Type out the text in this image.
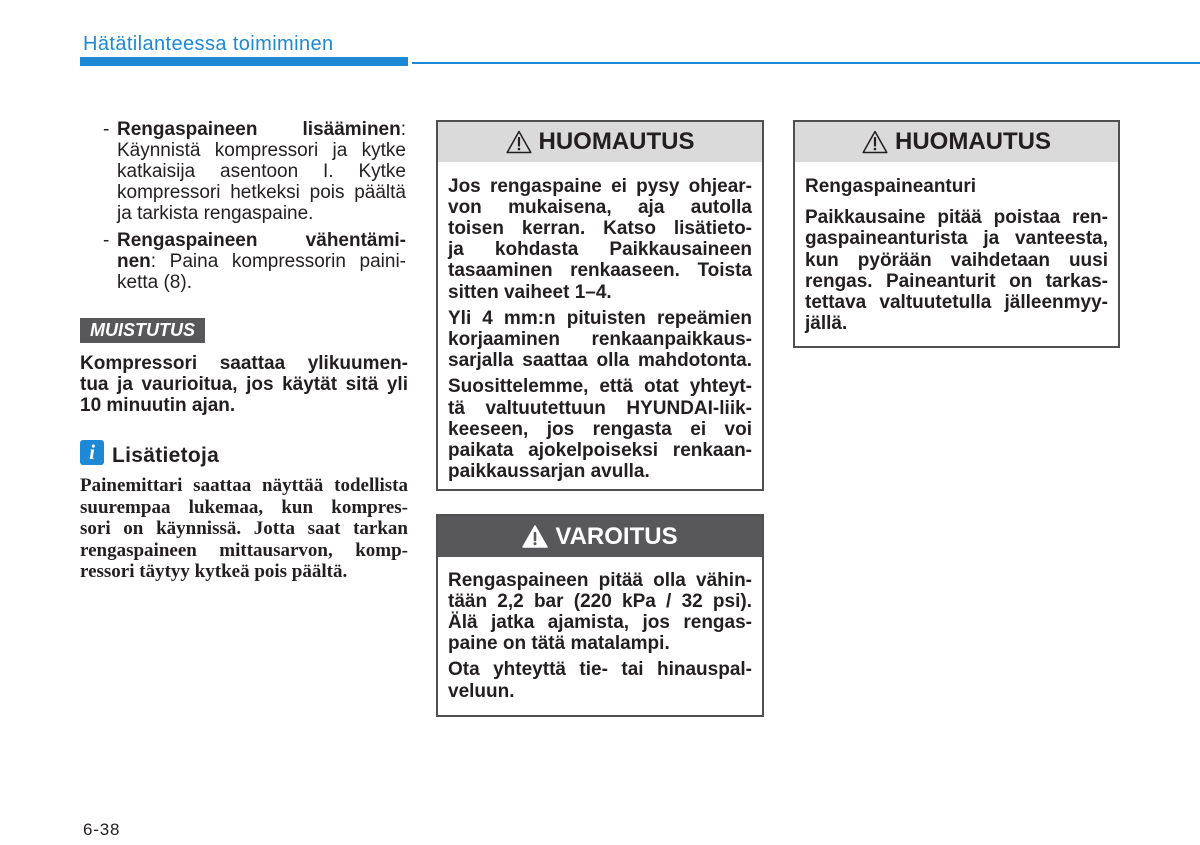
Hätätilanteessa toimiminen
- Rengaspaineen lisääminen:
Käynnistä kompressori ja kytke
katkaisija asentoon I. Kytke
kompressori hetkeksi pois päältä
ja tarkista rengaspaine.
- Rengaspaineen vähentämi-
nen: Paina kompressorin paini-
ketta (8).
MUISTUTUS
Kompressori saattaa ylikuumen-
tua ja vaurioitua, jos käytät sitä yli
10 minuutin ajan.
i Lisätietoja
Painemittari saattaa näyttää todellista
suurempaa lukemaa, kun kompres-
sori on käynnissä. Jotta saat tarkan
rengaspaineen mittausarvon, komp-
ressori täytyy kytkeä pois päältä.
HUOMAUTUS
Jos rengaspaine ei pysy ohjear-
von mukaisena, aja autolla
toisen kerran. Katso lisätieto-
ja kohdasta Paikkausaineen
tasaaminen renkaaseen. Toista
sitten vaiheet 1–4.
Yli 4 mm:n pituisten repeämien
korjaaminen renkaanpaikkaus-
sarjalla saattaa olla mahdotonta.
Suosittelemme, että otat yhteyt-
tä valtuutettuun HYUNDAI-liik-
keeseen, jos rengasta ei voi
paikata ajokelpoiseksi renkaan-
paikkaussarjan avulla.
VAROITUS
Rengaspaineen pitää olla vähin-
tään 2,2 bar (220 kPa / 32 psi).
Älä jatka ajamista, jos rengas-
paine on tätä matalampi.
Ota yhteyttä tie- tai hinauspal-
veluun.
HUOMAUTUS
Rengaspaineanturi
Paikkausaine pitää poistaa ren-
gaspaineanturista ja vanteesta,
kun pyörään vaihdetaan uusi
rengas. Paineanturit on tarkas-
tettava valtuutetulla jälleenmyy-
jällä.
6-38
